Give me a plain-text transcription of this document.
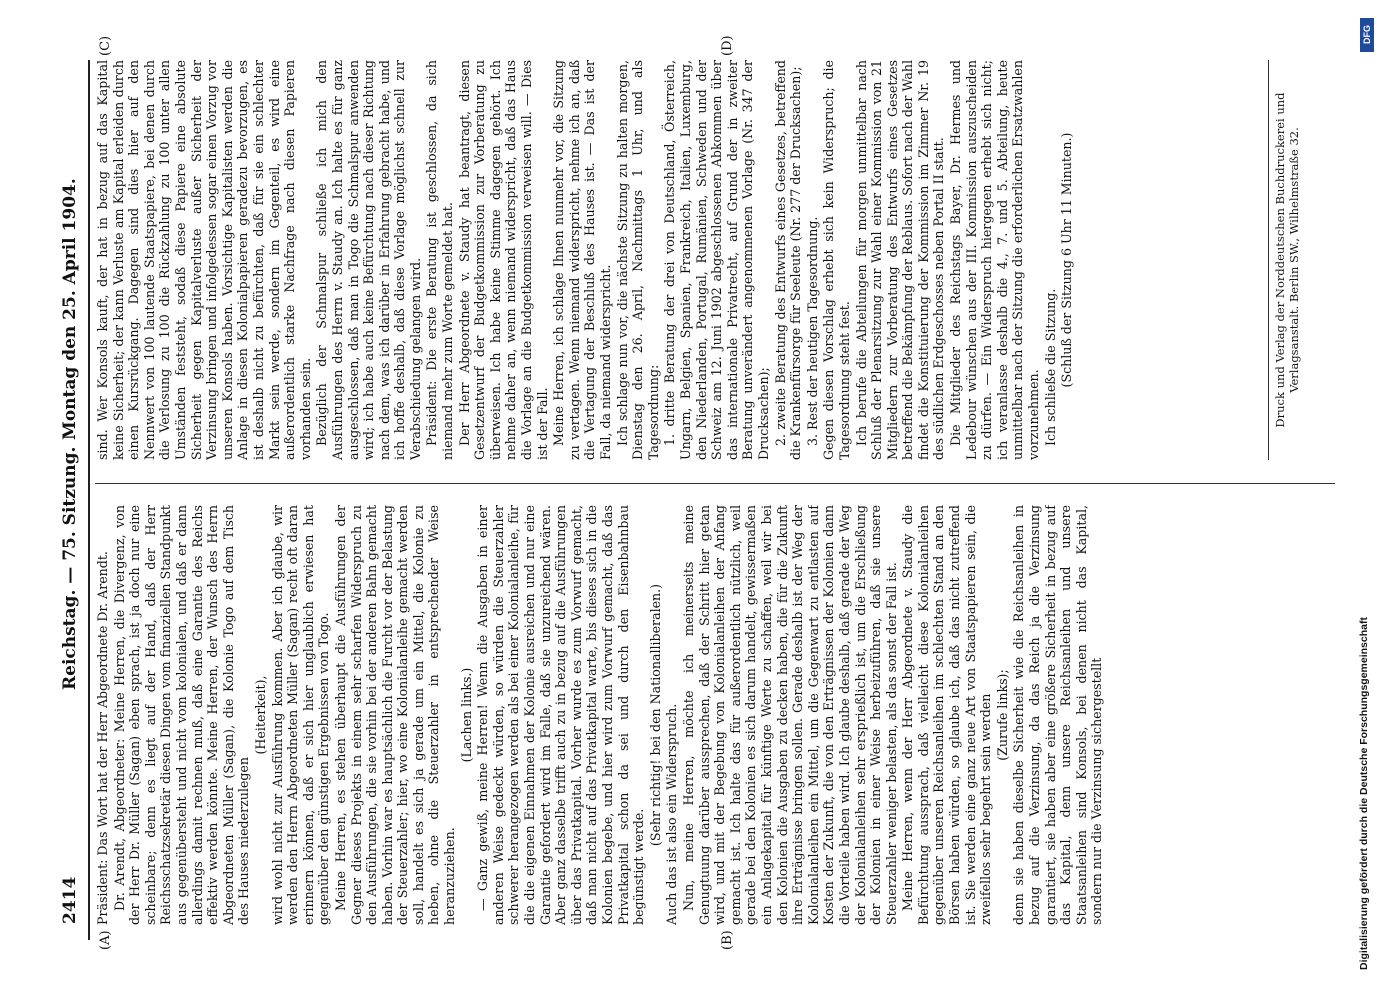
2414
Reichstag. — 75. Sitzung.
Montag den 25. April 1904.
(A)	(B)
(C)	(D)

Präsident: Das Wort hat der Herr Abgeordnete Dr. Arendt. Dr. Arendt, Abgeordneter: Meine Herren, die Divergenz, von der Herr Dr. Müller (Sagan) eben sprach, ist ja doch nur eine scheinbare; denn es liegt auf der Hand, daß der Herr Reichsschatzsekretär diesen Dingen vom finanziellen Standpunkt aus gegenübersteht und nicht vom kolonialen, und daß er dann allerdings damit rechnen muß, daß eine Garantie des Reichs effektiv werden könnte. Meine Herren, der Wunsch des Herrn Abgeordneten Müller (Sagan), die Kolonie Togo auf dem Tisch des Hauses niederzulegen

(Heiterkeit), wird wohl nicht zur Ausführung kommen. Aber ich glaube, wir werden den Herrn Abgeordneten Müller (Sagan) recht oft daran erinnern können, daß er sich hier unglaublich erwiesen hat gegenüber den günstigen Ergebnissen von Togo. Meine Herren, es stehen überhaupt die Ausführungen der Gegner dieses Projekts in einem sehr scharfen Widerspruch zu den Ausführungen, die sie vorhin bei der anderen Bahn gemacht haben. Vorhin war es hauptsächlich die Furcht vor der Belastung der Steuerzahler; hier, wo eine Kolonialanleihe gemacht werden soll, handelt es sich ja gerade um ein Mittel, die Kolonie zu heben, ohne die Steuerzahler in entsprechender Weise heranzuziehen.

(Lachen links.) — Ganz gewiß, meine Herren! Wenn die Ausgaben in einer anderen Weise gedeckt würden, so würden die Steuerzahler schwerer herangezogen werden als bei einer Kolonialanleihe, für die die eigenen Einnahmen der Kolonie ausreichen und nur eine Garantie gefordert wird im Falle, daß sie unzureichend wären. Aber ganz dasselbe trifft auch zu in bezug auf die Ausführungen über das Privatkapital. Vorher wurde es zum Vorwurf gemacht, daß man nicht auf das Privatkapital warte, bis dieses sich in die Kolonien begebe, und hier wird zum Vorwurf gemacht, daß das Privatkapital schon da sei und durch den Eisenbahnbau begünstigt werde.

(Sehr richtig! bei den Nationalliberalen.) Auch das ist also ein Widerspruch. Nun, meine Herren, möchte ich meinerseits meine Genugtuung darüber aussprechen, daß der Schritt hier getan wird, und mit der Begebung von Kolonialanleihen der Anfang gemacht ist. Ich halte das für außerordentlich nützlich, weil gerade bei den Kolonien es sich darum handelt, gewissermaßen ein Anlagekapital für künftige Werte zu schaffen, weil wir bei den Kolonien die Ausgaben zu decken haben, die für die Zukunft ihre Erträgnisse bringen sollen. Gerade deshalb ist der Weg der Kolonialanleihen ein Mittel, um die Gegenwart zu entlasten auf Kosten der Zukunft, die von den Erträgnissen der Kolonien dann die Vorteile haben wird. Ich glaube deshalb, daß gerade der Weg der Kolonialanleihen sehr ersprießlich ist, um die Erschließung der Kolonien in einer Weise herbeizuführen, daß sie unsere Steuerzahler weniger belasten, als das sonst der Fall ist. Meine Herren, wenn der Herr Abgeordnete v. Staudy die Befürchtung aussprach, daß vielleicht diese Kolonialanleihen gegenüber unseren Reichsanleihen im schlechten Stand an den Börsen haben würden, so glaube ich, daß das nicht zutreffend ist. Sie werden eine ganz neue Art von Staatspapieren sein, die zweifellos sehr begehrt sein werden (Zurufe links); denn sie haben dieselbe Sicherheit wie die Reichsanleihen in bezug auf die Verzinsung, da das Reich ja die Verzinsung garantiert, sie haben aber eine größere Sicherheit in bezug auf das Kapital, denn unsere Reichsanleihen und unsere Staatsanleihen sind Konsols, bei denen nicht das Kapital, sondern nur die Verzinsung sichergestellt

sind. Wer Konsols kauft, der hat in bezug auf das Kapital keine Sicherheit; der kann Verluste am Kapital erleiden durch einen Kursrückgang. Dagegen sind dies hier auf den Nennwert von 100 lautende Staatspapiere, bei denen durch die Verlosung zu 100 die Rückzahlung zu 100 unter allen Umständen feststeht, sodaß diese Papiere eine absolute Sicherheit gegen Kapitalverluste außer Sicherheit der Verzinsung bringen und infolgedessen sogar einen Vorzug vor unseren Konsols haben. Vorsichtige Kapitalisten werden die Anlage in diesen Kolonialpapieren geradezu bevorzugen, es ist deshalb nicht zu befürchten, daß für sie ein schlechter Markt sein werde, sondern im Gegenteil, es wird eine außerordentlich starke Nachfrage nach diesen Papieren vorhanden sein. Bezüglich der Schmalspur schließe ich mich den Ausführungen des Herrn v. Staudy an. Ich halte es für ganz ausgeschlossen, daß man in Togo die Schmalspur anwenden wird; ich habe auch keine Befürchtung nach dieser Richtung nach dem, was ich darüber in Erfahrung gebracht habe, und ich hoffe deshalb, daß diese Vorlage möglichst schnell zur Verabschiedung gelangen wird. Präsident: Die erste Beratung ist geschlossen, da sich niemand mehr zum Worte gemeldet hat. Der Herr Abgeordnete v. Staudy hat beantragt, diesen Gesetzentwurf der Budgetkommission zur Vorberatung zu überweisen. Ich habe keine Stimme dagegen gehört. Ich nehme daher an, wenn niemand widerspricht, daß das Haus die Vorlage an die Budgetkommission verweisen will. — Dies ist der Fall. Meine Herren, ich schlage Ihnen nunmehr vor, die Sitzung zu vertagen. Wenn niemand widerspricht, nehme ich an, daß die Vertagung der Beschluß des Hauses ist. — Das ist der Fall, da niemand widerspricht. Ich schlage nun vor, die nächste Sitzung zu halten morgen, Dienstag den 26. April, Nachmittags 1 Uhr, und als Tagesordnung: 1. dritte Beratung der drei von Deutschland, Österreich, Ungarn, Belgien, Spanien, Frankreich, Italien, Luxemburg, den Niederlanden, Portugal, Rumänien, Schweden und der Schweiz am 12. Juni 1902 abgeschlossenen Abkommen über das internationale Privatrecht, auf Grund der in zweiter Beratung unverändert angenommenen Vorlage (Nr. 347 der Drucksachen); 2. zweite Beratung des Entwurfs eines Gesetzes, betreffend die Krankenfürsorge für Seeleute (Nr. 277 der Drucksachen); 3. Rest der heutigen Tagesordnung. Gegen diesen Vorschlag erhebt sich kein Widerspruch; die Tagesordnung steht fest. Ich berufe die Abteilungen für morgen unmittelbar nach Schluß der Plenarsitzung zur Wahl einer Kommission von 21 Mitgliedern zur Vorberatung des Entwurfs eines Gesetzes betreffend die Bekämpfung der Reblaus. Sofort nach der Wahl findet die Konstituierung der Kommission im Zimmer Nr. 19 des südlichen Erdgeschosses neben Portal II statt. Die Mitglieder des Reichstags Bayer, Dr. Hermes und Ledebour wünschen aus der III. Kommission auszuscheiden zu dürfen. — Ein Widerspruch hiergegen erhebt sich nicht; ich veranlasse deshalb die 4., 7. und 5. Abteilung, heute unmittelbar nach der Sitzung die erforderlichen Ersatzwahlen vorzunehmen. Ich schließe die Sitzung. (Schluß der Sitzung 6 Uhr 11 Minuten.)	Druck und Verlag der Norddeutschen Buchdruckerei und Verlagsanstalt. Berlin SW., Wilhelmstraße 32.
DFG
Digitalisierung gefördert durch die Deutsche Forschungsgemeinschaft
